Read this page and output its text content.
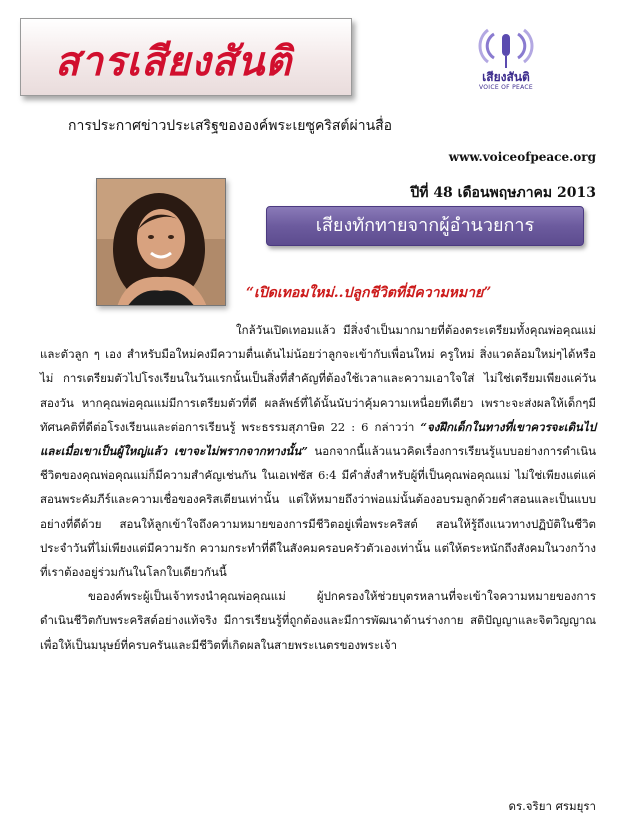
สารเสียงสันติ	เสียงสันติ
VOICE OF PEACE
การประกาศข่าวประเสริฐขององค์พระเยซูคริสต์ผ่านสื่อ
www.voiceofpeace.org
ปีที่ 48 เดือนพฤษภาคม 2013
เสียงทักทายจากผู้อำนวยการ
“เปิดเทอมใหม่..ปลูกชีวิตที่มีความหมาย”

ใกล้วันเปิดเทอมแล้ว มีสิ่งจำเป็นมากมายที่ต้องตระเตรียมทั้งคุณพ่อคุณแม่และตัวลูก ๆ เอง สำหรับมือใหม่คงมีความตื่นเต้นไม่น้อยว่าลูกจะเข้ากับเพื่อนใหม่ ครูใหม่ สิ่งแวดล้อมใหม่ๆได้หรือไม่ การเตรียมตัวไปโรงเรียนในวันแรกนั้นเป็นสิ่งที่สำคัญที่ต้องใช้เวลาและความเอาใจใส่ ไม่ใช่เตรียมเพียงแค่วันสองวัน หากคุณพ่อคุณแม่มีการเตรียมตัวที่ดี ผลลัพธ์ที่ได้นั้นนับว่าคุ้มความเหนื่อยทีเดียว เพราะจะส่งผลให้เด็กๆมีทัศนคติที่ดีต่อโรงเรียนและต่อการเรียนรู้ พระธรรมสุภาษิต 22 : 6 กล่าวว่า “จงฝึกเด็กในทางที่เขาควรจะเดินไป และเมื่อเขาเป็นผู้ใหญ่แล้ว เขาจะไม่พรากจากทางนั้น” นอกจากนี้แล้วแนวคิดเรื่องการเรียนรู้แบบอย่างการดำเนินชีวิตของคุณพ่อคุณแม่ก็มีความสำคัญเช่นกัน ในเอเฟซัส 6:4 มีคำสั่งสำหรับผู้ที่เป็นคุณพ่อคุณแม่ ไม่ใช่เพียงแต่แค่สอนพระคัมภีร์และความเชื่อของคริสเตียนเท่านั้น แต่ให้หมายถึงว่าพ่อแม่นั้นต้องอบรมลูกด้วยคำสอนและเป็นแบบอย่างที่ดีด้วย สอนให้ลูกเข้าใจถึงความหมายของการมีชีวิตอยู่เพื่อพระคริสต์ สอนให้รู้ถึงแนวทางปฏิบัติในชีวิตประจำวันที่ไม่เพียงแต่มีความรัก ความกระทำที่ดีในสังคมครอบครัวตัวเองเท่านั้น แต่ให้ตระหนักถึงสังคมในวงกว้างที่เราต้องอยู่ร่วมกันในโลกใบเดียวกันนี้

ขอองค์พระผู้เป็นเจ้าทรงนำคุณพ่อคุณแม่ ผู้ปกครองให้ช่วยบุตรหลานที่จะเข้าใจความหมายของการดำเนินชีวิตกับพระคริสต์อย่างแท้จริง มีการเรียนรู้ที่ถูกต้องและมีการพัฒนาด้านร่างกาย สติปัญญาและจิตวิญญาณเพื่อให้เป็นมนุษย์ที่ครบครันและมีชีวิตที่เกิดผลในสายพระเนตรของพระเจ้า

ดร.จริยา ศรมยุรา
